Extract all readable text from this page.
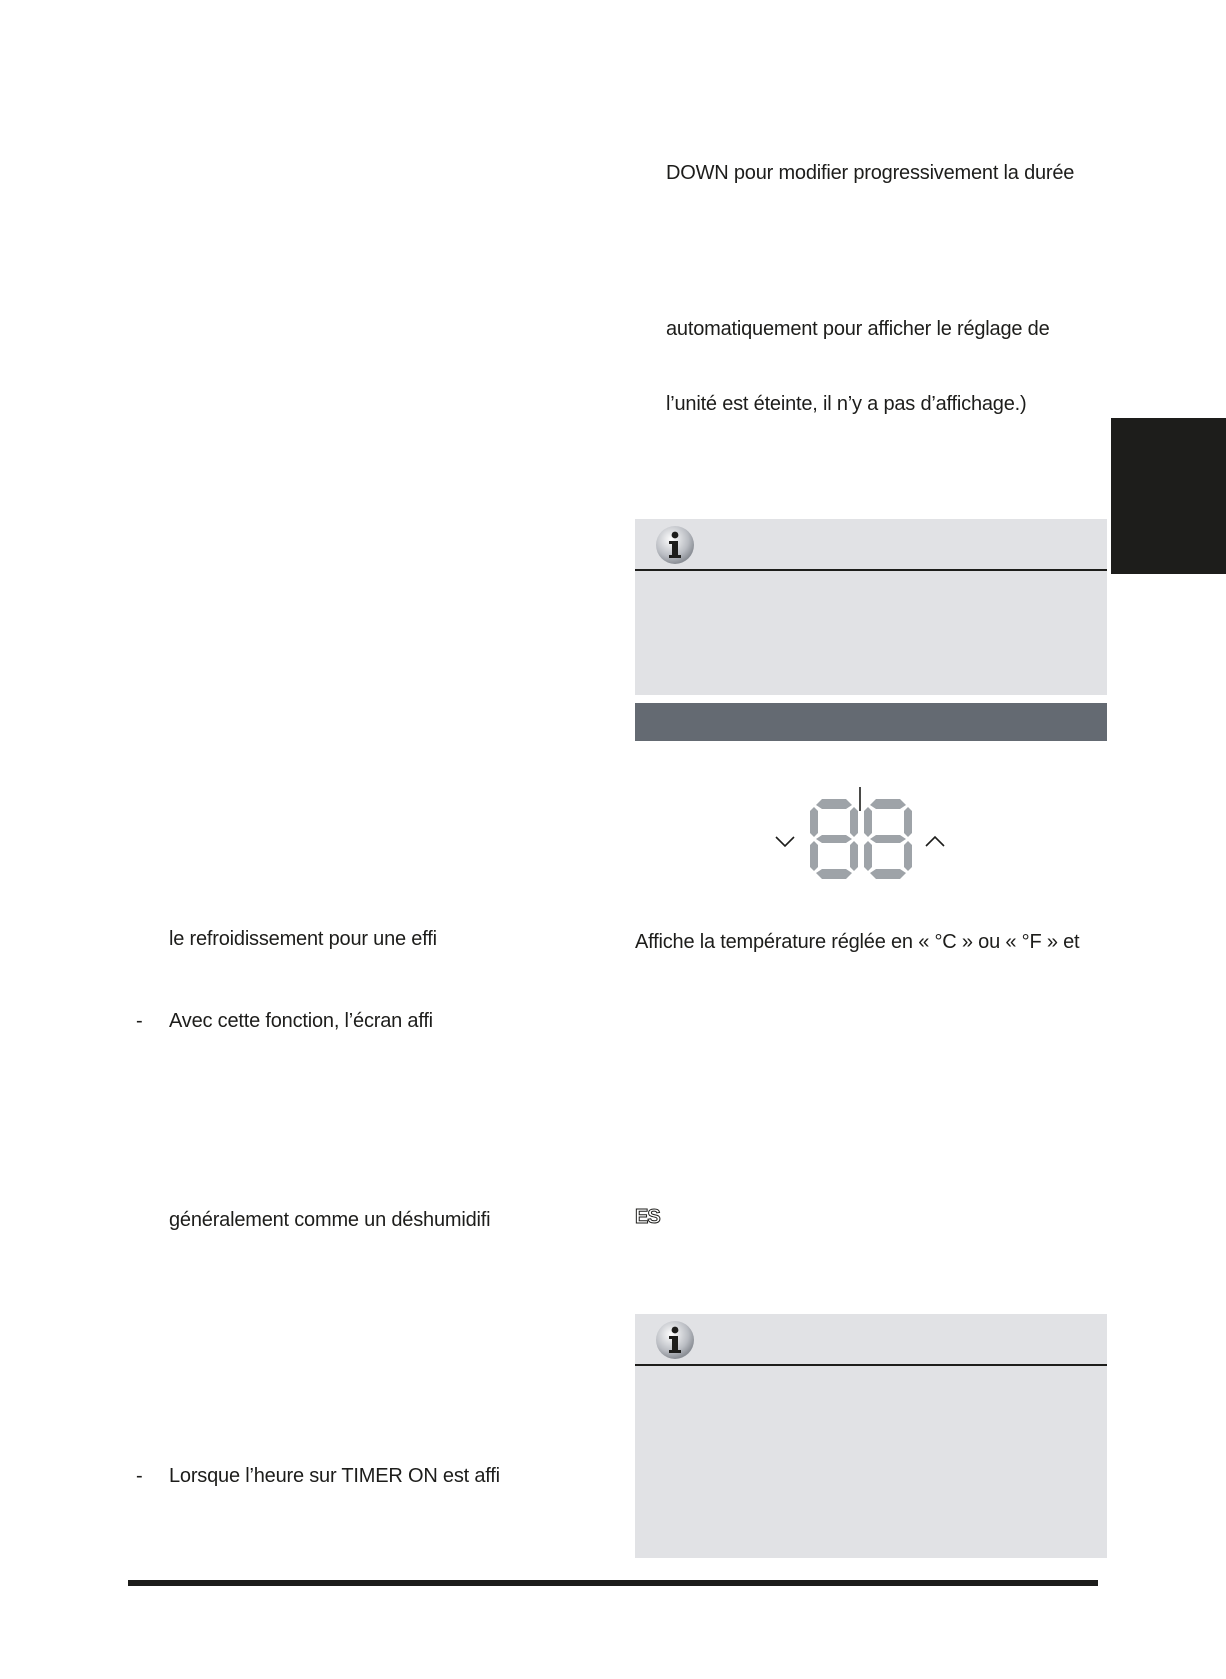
DOWN pour modifier progressivement la durée
automatiquement pour afficher le réglage de
l’unité est éteinte, il n’y a pas d’affichage.)
Affiche la température réglée en « °C » ou « °F » et
ES
le refroidissement pour une effi
- Avec cette fonction, l’écran affi
généralement comme un déshumidifi
- Lorsque l’heure sur TIMER ON est affi
